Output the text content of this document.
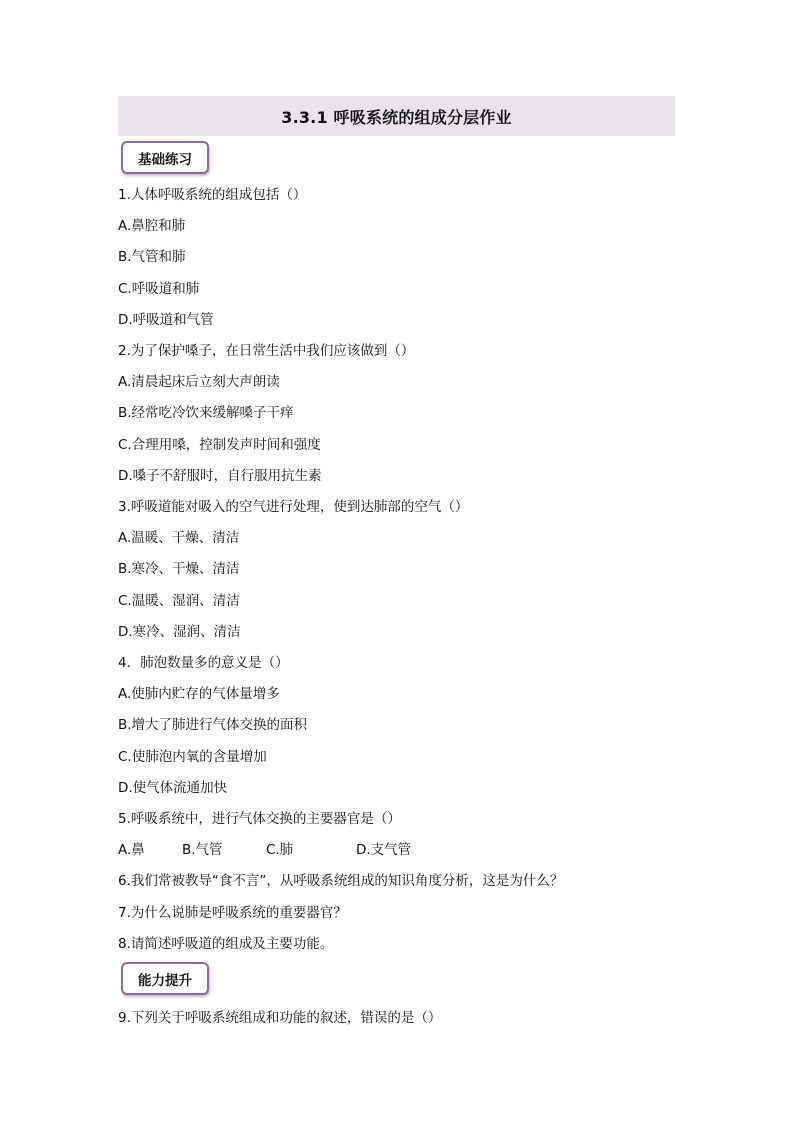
3.3.1 呼吸系统的组成分层作业
基础练习
1.人体呼吸系统的组成包括（）
A.鼻腔和肺
B.气管和肺
C.呼吸道和肺
D.呼吸道和气管
2.为了保护嗓子，在日常生活中我们应该做到（）
A.清晨起床后立刻大声朗读
B.经常吃冷饮来缓解嗓子干痒
C.合理用嗓，控制发声时间和强度
D.嗓子不舒服时，自行服用抗生素
3.呼吸道能对吸入的空气进行处理，使到达肺部的空气（）
A.温暖、干燥、清洁
B.寒冷、干燥、清洁
C.温暖、湿润、清洁
D.寒冷、湿润、清洁
4．肺泡数量多的意义是（）
A.使肺内贮存的气体量增多
B.增大了肺进行气体交换的面积
C.使肺泡内氧的含量增加
D.使气体流通加快
5.呼吸系统中，进行气体交换的主要器官是（）
A.鼻	B.气管	C.肺	D.支气管
6.我们常被教导“食不言”，从呼吸系统组成的知识角度分析，这是为什么？
7.为什么说肺是呼吸系统的重要器官？
8.请简述呼吸道的组成及主要功能。
能力提升
9.下列关于呼吸系统组成和功能的叙述，错误的是（）
